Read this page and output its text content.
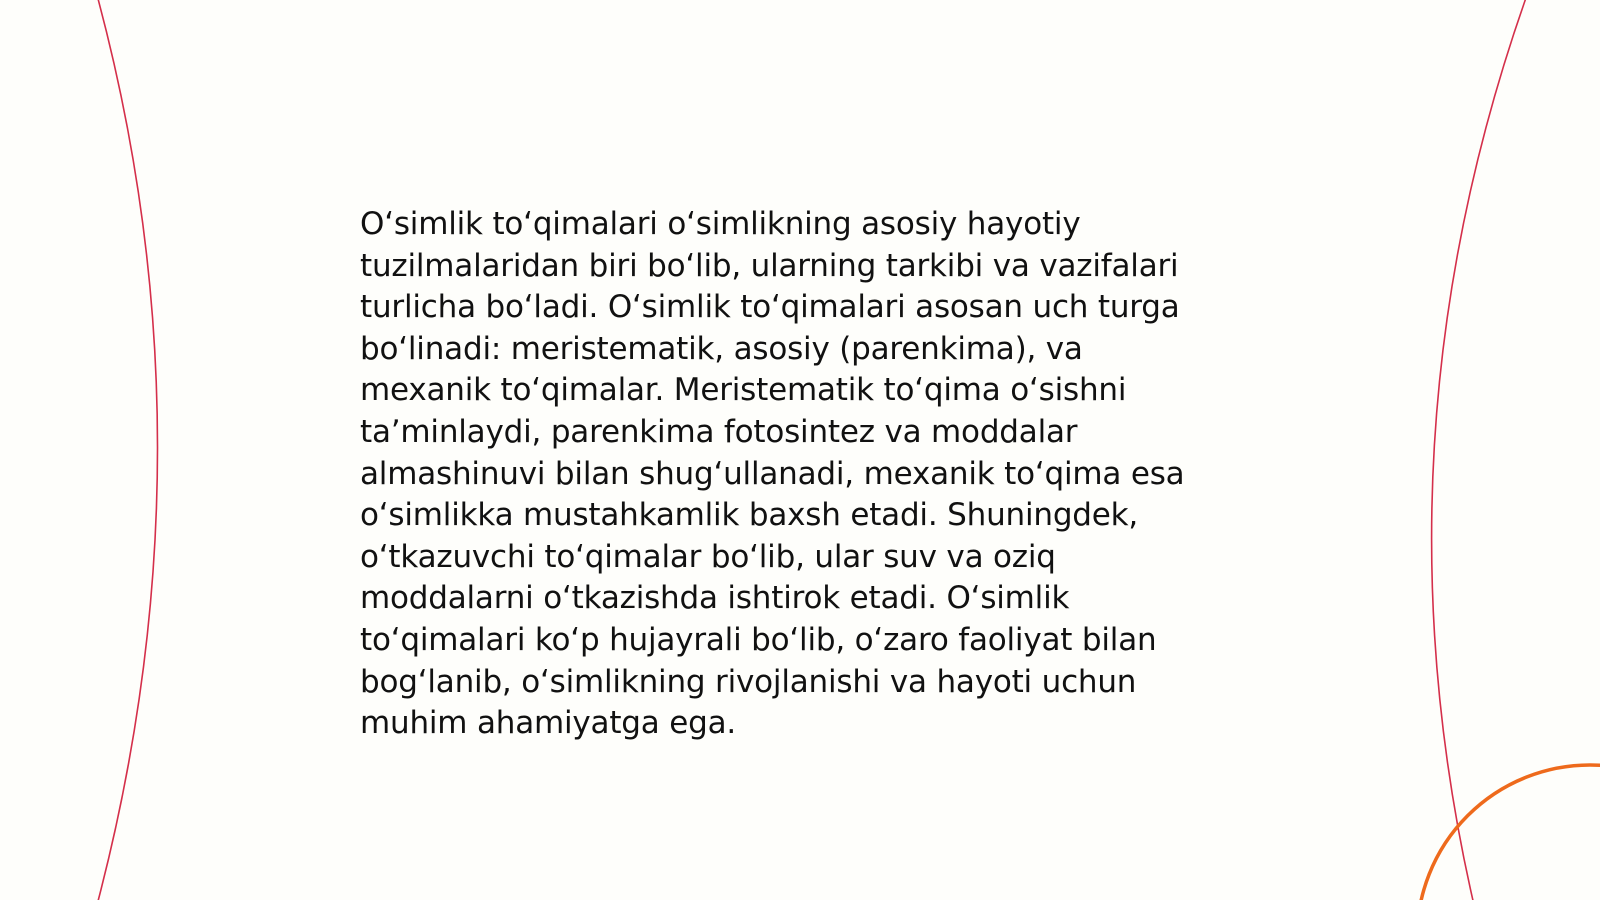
O‘simlik to‘qimalari o‘simlikning asosiy hayotiy
tuzilmalaridan biri bo‘lib, ularning tarkibi va vazifalari
turlicha bo‘ladi. O‘simlik to‘qimalari asosan uch turga
bo‘linadi: meristematik, asosiy (parenkima), va
mexanik to‘qimalar. Meristematik to‘qima o‘sishni
ta’minlaydi, parenkima fotosintez va moddalar
almashinuvi bilan shug‘ullanadi, mexanik to‘qima esa
o‘simlikka mustahkamlik baxsh etadi. Shuningdek,
o‘tkazuvchi to‘qimalar bo‘lib, ular suv va oziq
moddalarni o‘tkazishda ishtirok etadi. O‘simlik
to‘qimalari ko‘p hujayrali bo‘lib, o‘zaro faoliyat bilan
bog‘lanib, o‘simlikning rivojlanishi va hayoti uchun
muhim ahamiyatga ega.
